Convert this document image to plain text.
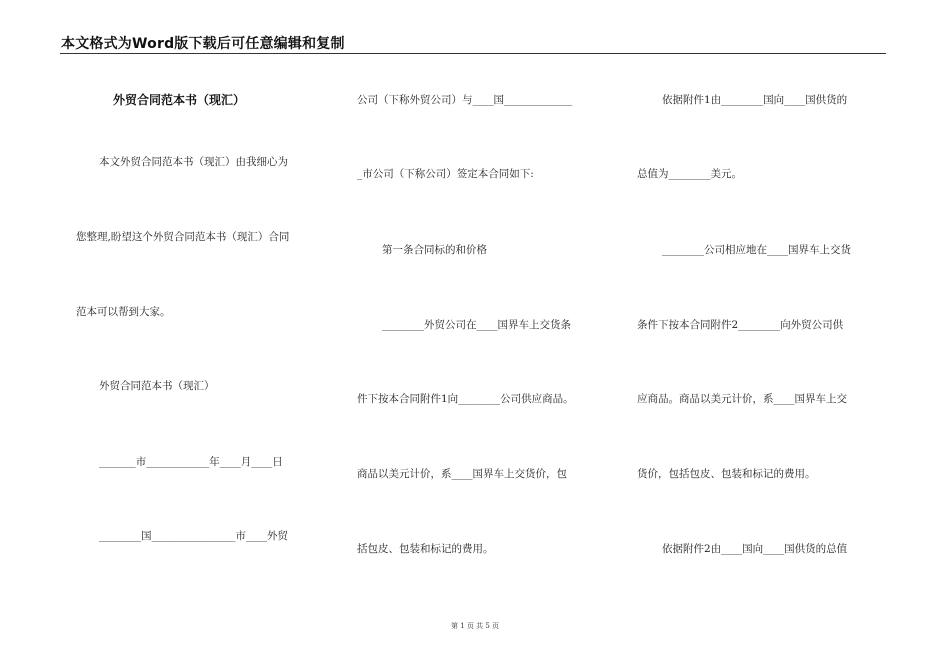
本文格式为Word版下载后可任意编辑和复制
外贸合同范本书（现汇）
本文外贸合同范本书（现汇）由我细心为
您整理,盼望这个外贸合同范本书（现汇）合同
范本可以帮到大家。
外贸合同范本书（现汇）
_______市____________年____月____日
________国________________市____外贸
公司（下称外贸公司）与____国_____________
_市公司（下称公司）签定本合同如下:
第一条合同标的和价格
________外贸公司在____国界车上交货条
件下按本合同附件1向________公司供应商品。
商品以美元计价，系____国界车上交货价，包
括包皮、包装和标记的费用。
依据附件1由________国向____国供货的
总值为________美元。
________公司相应地在____国界车上交货
条件下按本合同附件2________向外贸公司供
应商品。商品以美元计价，系____国界车上交
货价，包括包皮、包装和标记的费用。
依据附件2由____国向____国供货的总值
第 1 页 共 5 页
